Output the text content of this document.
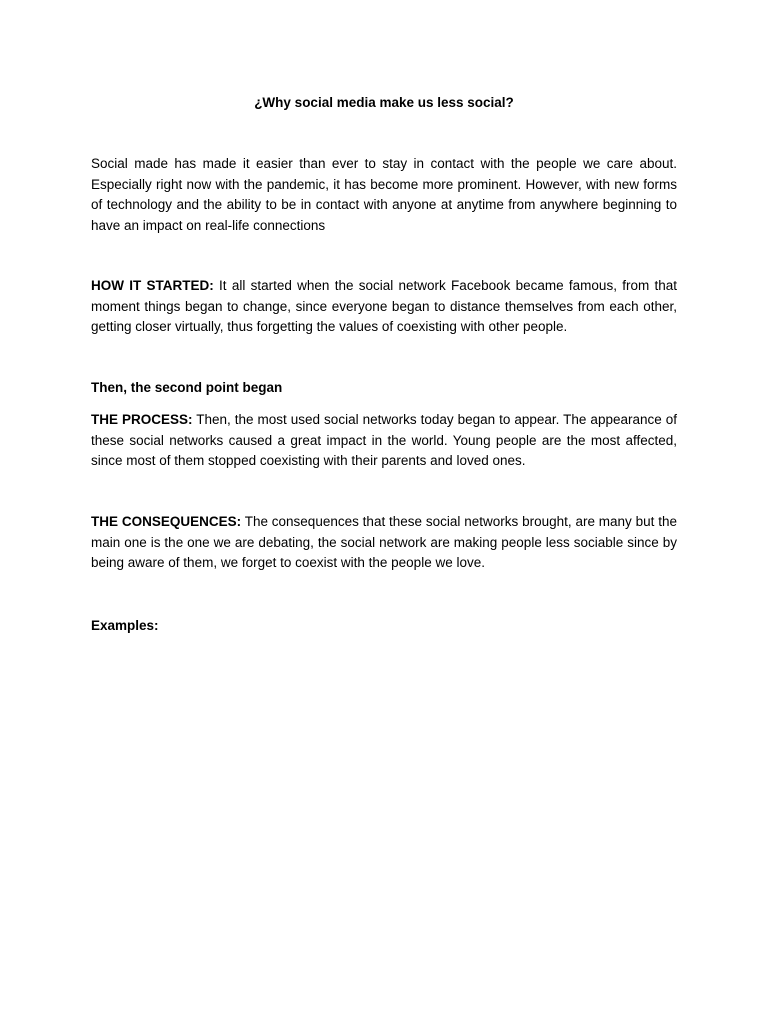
¿Why social media make us less social?

Social made has made it easier than ever to stay in contact with the people we care about. Especially right now with the pandemic, it has become more prominent. However, with new forms of technology and the ability to be in contact with anyone at anytime from anywhere beginning to have an impact on real-life connections

HOW IT STARTED: It all started when the social network Facebook became famous, from that moment things began to change, since everyone began to distance themselves from each other, getting closer virtually, thus forgetting the values of coexisting with other people.

Then, the second point began

THE PROCESS: Then, the most used social networks today began to appear. The appearance of these social networks caused a great impact in the world. Young people are the most affected, since most of them stopped coexisting with their parents and loved ones.

THE CONSEQUENCES: The consequences that these social networks brought, are many but the main one is the one we are debating, the social network are making people less sociable since by being aware of them, we forget to coexist with the people we love.

Examples:
